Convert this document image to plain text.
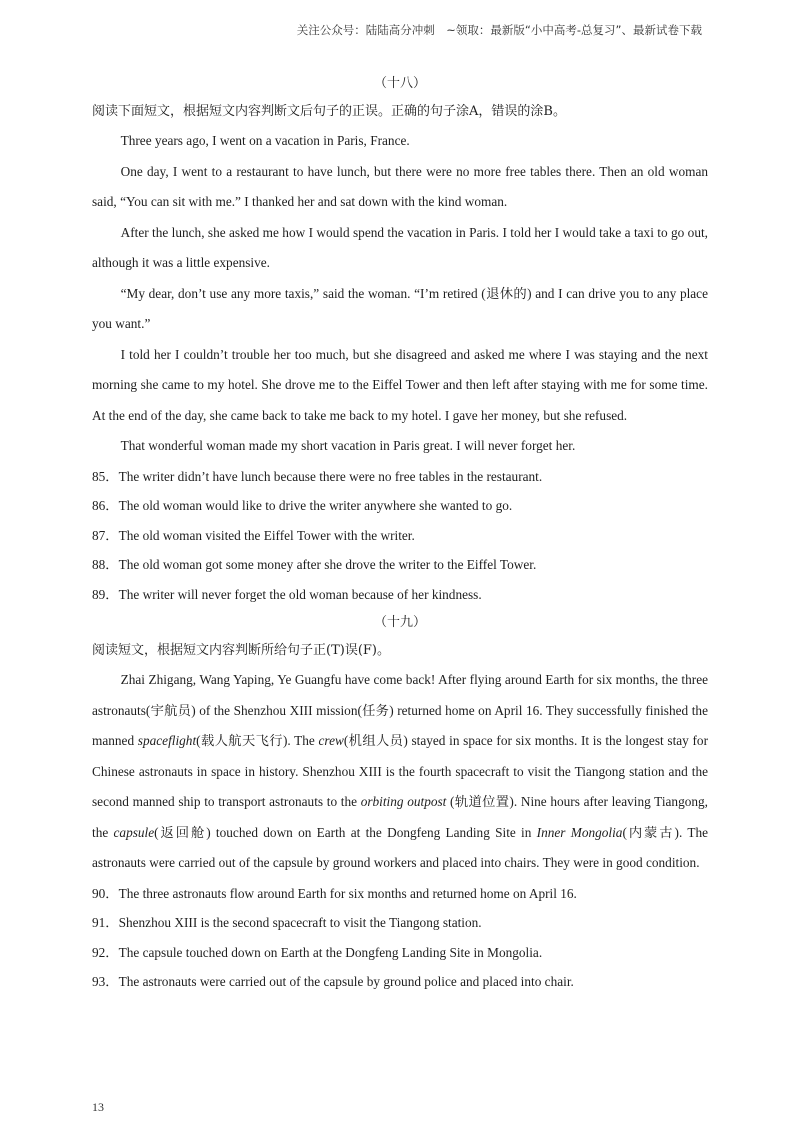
关注公众号：陆陆高分冲刺　~领取：最新版“小中高考-总复习”、最新试卷下载
（十八）
阅读下面短文，根据短文内容判断文后句子的正误。正确的句子涂A，错误的涂B。

Three years ago, I went on a vacation in Paris, France.

One day, I went to a restaurant to have lunch, but there were no more free tables there. Then an old woman said, “You can sit with me.” I thanked her and sat down with the kind woman.

After the lunch, she asked me how I would spend the vacation in Paris. I told her I would take a taxi to go out, although it was a little expensive.

“My dear, don’t use any more taxis,” said the woman. “I’m retired (退休的) and I can drive you to any place you want.”

I told her I couldn’t trouble her too much, but she disagreed and asked me where I was staying and the next morning she came to my hotel. She drove me to the Eiffel Tower and then left after staying with me for some time. At the end of the day, she came back to take me back to my hotel. I gave her money, but she refused.

That wonderful woman made my short vacation in Paris great. I will never forget her.

85．The writer didn’t have lunch because there were no free tables in the restaurant.
86．The old woman would like to drive the writer anywhere she wanted to go.
87．The old woman visited the Eiffel Tower with the writer.
88．The old woman got some money after she drove the writer to the Eiffel Tower.
89．The writer will never forget the old woman because of her kindness.
（十九）
阅读短文，根据短文内容判断所给句子正(T)误(F)。

Zhai Zhigang, Wang Yaping, Ye Guangfu have come back! After flying around Earth for six months, the three astronauts(宇航员) of the Shenzhou XIII mission(任务) returned home on April 16. They successfully finished the manned spaceflight(载人航天飞行). The crew(机组人员) stayed in space for six months. It is the longest stay for Chinese astronauts in space in history. Shenzhou XIII is the fourth spacecraft to visit the Tiangong station and the second manned ship to transport astronauts to the orbiting outpost (轨道位置). Nine hours after leaving Tiangong, the capsule(返回舱) touched down on Earth at the Dongfeng Landing Site in Inner Mongolia(内蒙古). The astronauts were carried out of the capsule by ground workers and placed into chairs. They were in good condition.

90．The three astronauts flow around Earth for six months and returned home on April 16.
91．Shenzhou XIII is the second spacecraft to visit the Tiangong station.
92．The capsule touched down on Earth at the Dongfeng Landing Site in Mongolia.
93．The astronauts were carried out of the capsule by ground police and placed into chair.
13
